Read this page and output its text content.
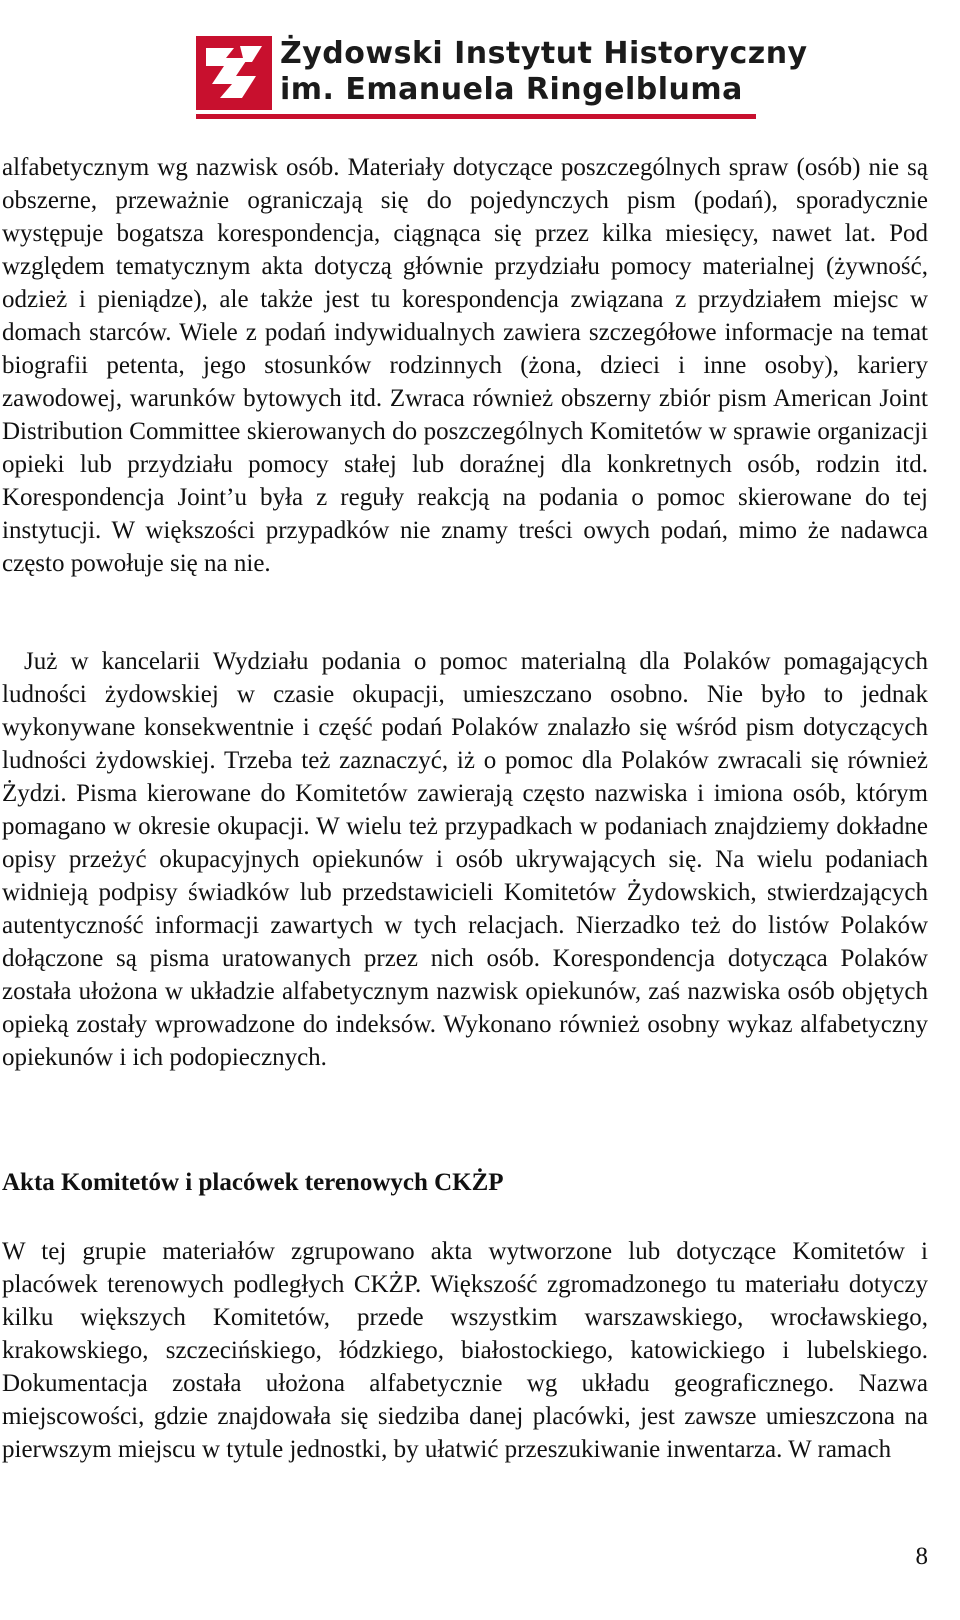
Żydowski Instytut Historyczny

im. Emanuela Ringelbluma

alfabetycznym wg nazwisk osób. Materiały dotyczące poszczególnych spraw (osób) nie są obszerne, przeważnie ograniczają się do pojedynczych pism (podań), sporadycznie występuje bogatsza korespondencja, ciągnąca się przez kilka miesięcy, nawet lat. Pod względem tematycznym akta dotyczą głównie przydziału pomocy materialnej (żywność, odzież i pieniądze), ale także jest tu korespondencja związana z przydziałem miejsc w domach starców. Wiele z podań indywidualnych zawiera szczegółowe informacje na temat biografii petenta, jego stosunków rodzinnych (żona, dzieci i inne osoby), kariery zawodowej, warunków bytowych itd. Zwraca również obszerny zbiór pism American Joint Distribution Committee skierowanych do poszczególnych Komitetów w sprawie organizacji opieki lub przydziału pomocy stałej lub doraźnej dla konkretnych osób, rodzin itd. Korespondencja Joint’u była z reguły reakcją na podania o pomoc skierowane do tej instytucji. W większości przypadków nie znamy treści owych podań, mimo że nadawca często powołuje się na nie.

Już w kancelarii Wydziału podania o pomoc materialną dla Polaków pomagających ludności żydowskiej w czasie okupacji, umieszczano osobno. Nie było to jednak wykonywane konsekwentnie i część podań Polaków znalazło się wśród pism dotyczących ludności żydowskiej. Trzeba też zaznaczyć, iż o pomoc dla Polaków zwracali się również Żydzi. Pisma kierowane do Komitetów zawierają często nazwiska i imiona osób, którym pomagano w okresie okupacji. W wielu też przypadkach w podaniach znajdziemy dokładne opisy przeżyć okupacyjnych opiekunów i osób ukrywających się. Na wielu podaniach widnieją podpisy świadków lub przedstawicieli Komitetów Żydowskich, stwierdzających autentyczność informacji zawartych w tych relacjach. Nierzadko też do listów Polaków dołączone są pisma uratowanych przez nich osób. Korespondencja dotycząca Polaków została ułożona w układzie alfabetycznym nazwisk opiekunów, zaś nazwiska osób objętych opieką zostały wprowadzone do indeksów. Wykonano również osobny wykaz alfabetyczny opiekunów i ich podopiecznych.

Akta Komitetów i placówek terenowych CKŻP

W tej grupie materiałów zgrupowano akta wytworzone lub dotyczące Komitetów i placówek terenowych podległych CKŻP. Większość zgromadzonego tu materiału dotyczy kilku większych Komitetów, przede wszystkim warszawskiego, wrocławskiego, krakowskiego, szczecińskiego, łódzkiego, białostockiego, katowickiego i lubelskiego. Dokumentacja została ułożona alfabetycznie wg układu geograficznego. Nazwa miejscowości, gdzie znajdowała się siedziba danej placówki, jest zawsze umieszczona na pierwszym miejscu w tytule jednostki, by ułatwić przeszukiwanie inwentarza. W ramach

8
